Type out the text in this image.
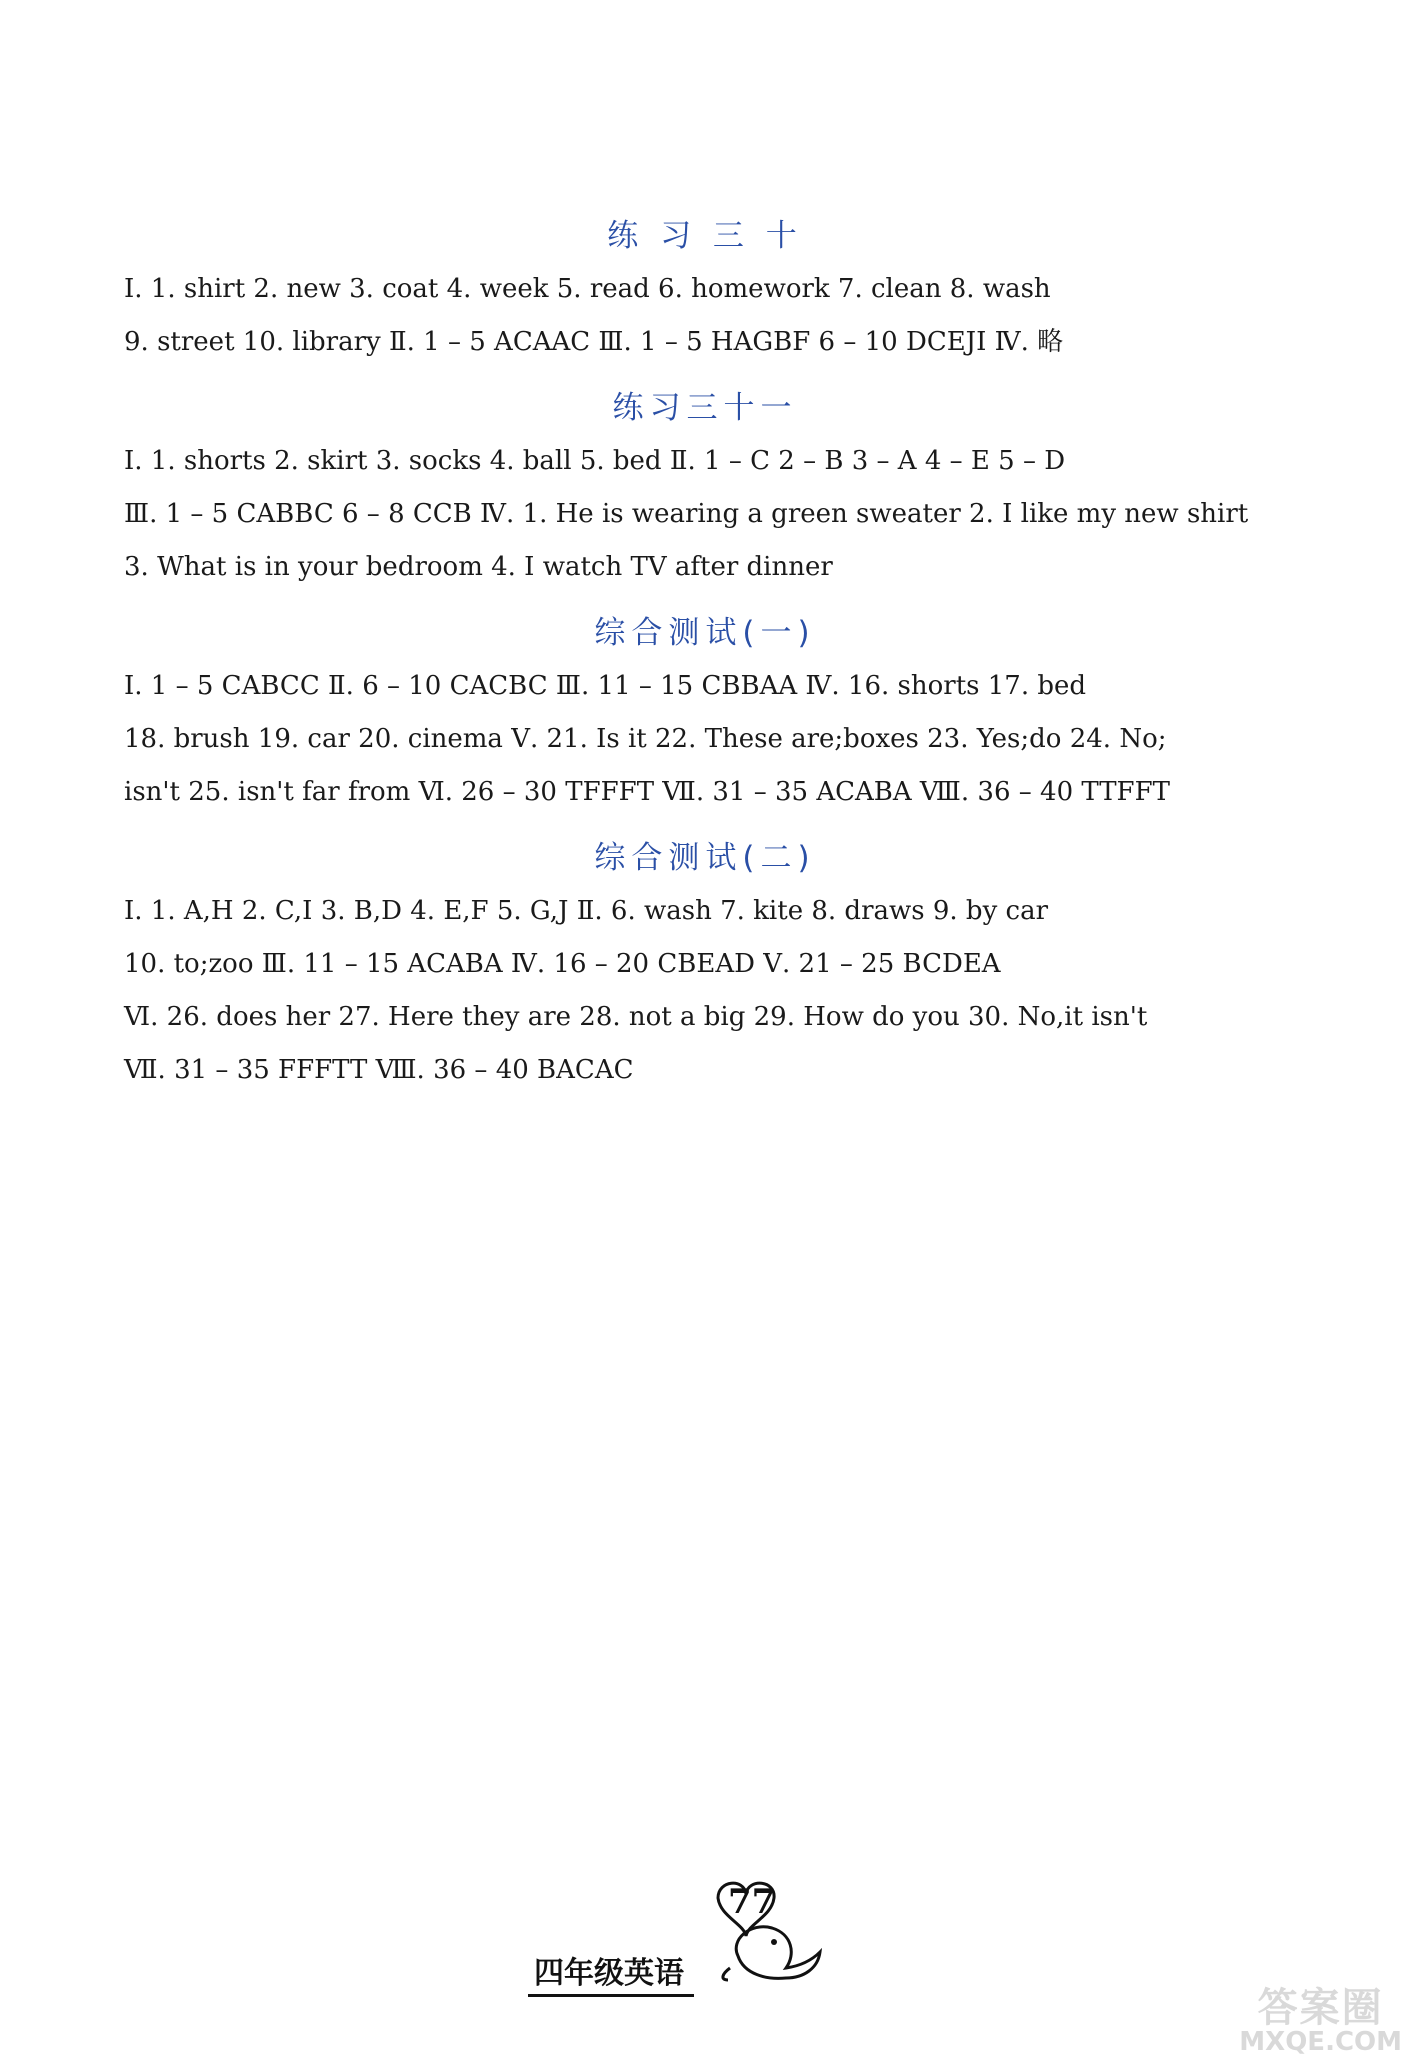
练 习 三 十
Ⅰ. 1. shirt 2. new 3. coat 4. week 5. read 6. homework 7. clean 8. wash
9. street 10. library Ⅱ. 1 – 5 ACAAC Ⅲ. 1 – 5 HAGBF 6 – 10 DCEJI Ⅳ. 略
练习三十一
Ⅰ. 1. shorts 2. skirt 3. socks 4. ball 5. bed Ⅱ. 1 – C 2 – B 3 – A 4 – E 5 – D
Ⅲ. 1 – 5 CABBC 6 – 8 CCB Ⅳ. 1. He is wearing a green sweater 2. I like my new shirt
3. What is in your bedroom 4. I watch TV after dinner
综合测试(一)
Ⅰ. 1 – 5 CABCC Ⅱ. 6 – 10 CACBC Ⅲ. 11 – 15 CBBAA Ⅳ. 16. shorts 17. bed
18. brush 19. car 20. cinema Ⅴ. 21. Is it 22. These are;boxes 23. Yes;do 24. No;
isn't 25. isn't far from Ⅵ. 26 – 30 TFFFT Ⅶ. 31 – 35 ACABA Ⅷ. 36 – 40 TTFFT
综合测试(二)
Ⅰ. 1. A,H 2. C,I 3. B,D 4. E,F 5. G,J Ⅱ. 6. wash 7. kite 8. draws 9. by car
10. to;zoo Ⅲ. 11 – 15 ACABA Ⅳ. 16 – 20 CBEAD Ⅴ. 21 – 25 BCDEA
Ⅵ. 26. does her 27. Here they are 28. not a big 29. How do you 30. No,it isn't
Ⅶ. 31 – 35 FFFTT Ⅷ. 36 – 40 BACAC
77
四年级英语
答案圈
MXQE.COM
